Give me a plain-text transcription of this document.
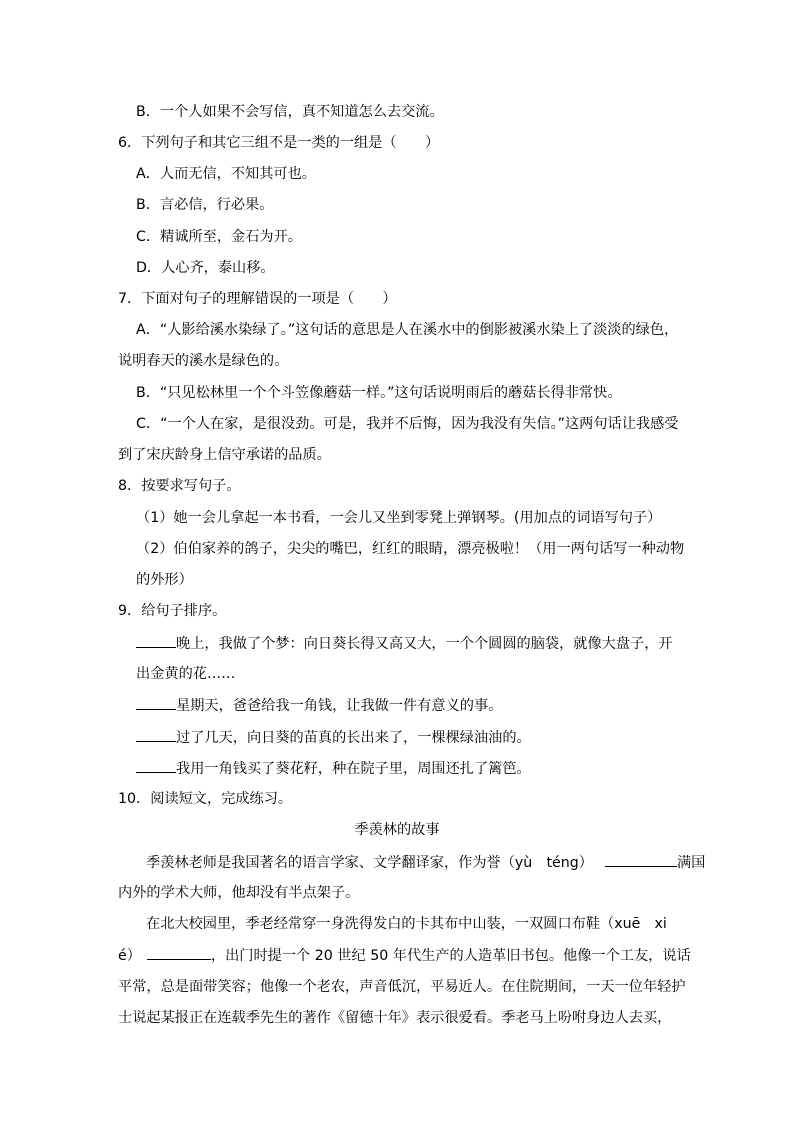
B．一个人如果不会写信，真不知道怎么去交流。
6．下列句子和其它三组不是一类的一组是（　　）
A．人而无信，不知其可也。
B．言必信，行必果。
C．精诚所至，金石为开。
D．人心齐，泰山移。
7．下面对句子的理解错误的一项是（　　）
A．“人影给溪水染绿了。”这句话的意思是人在溪水中的倒影被溪水染上了淡淡的绿色，
说明春天的溪水是绿色的。
B．“只见松林里一个个斗笠像蘑菇一样。”这句话说明雨后的蘑菇长得非常快。
C．“一个人在家，是很没劲。可是，我并不后悔，因为我没有失信。”这两句话让我感受
到了宋庆龄身上信守承诺的品质。
8．按要求写句子。
（1）她一会儿拿起一本书看，一会儿又坐到零凳上弹钢琴。(用加点的词语写句子）
（2）伯伯家养的鸽子，尖尖的嘴巴，红红的眼睛，漂亮极啦！（用一两句话写一种动物
的外形）
9．给句子排序。
晚上，我做了个梦：向日葵长得又高又大，一个个圆圆的脑袋，就像大盘子，开
出金黄的花……
星期天，爸爸给我一角钱，让我做一件有意义的事。
过了几天，向日葵的苗真的长出来了，一棵棵绿油油的。
我用一角钱买了葵花籽，种在院子里，周围还扎了篱笆。
10．阅读短文，完成练习。
季羡林的故事
季羡林老师是我国著名的语言学家、文学翻译家，作为誉（yù　téng）	满国
内外的学术大师，他却没有半点架子。
在北大校园里，季老经常穿一身洗得发白的卡其布中山装，一双圆口布鞋（xuē　xi
é）	，出门时提一个 20 世纪 50 年代生产的人造革旧书包。他像一个工友，说话
平常，总是面带笑容；他像一个老农，声音低沉，平易近人。在住院期间，一天一位年轻护
士说起某报正在连载季先生的著作《留德十年》表示很爱看。季老马上吩咐身边人去买，
